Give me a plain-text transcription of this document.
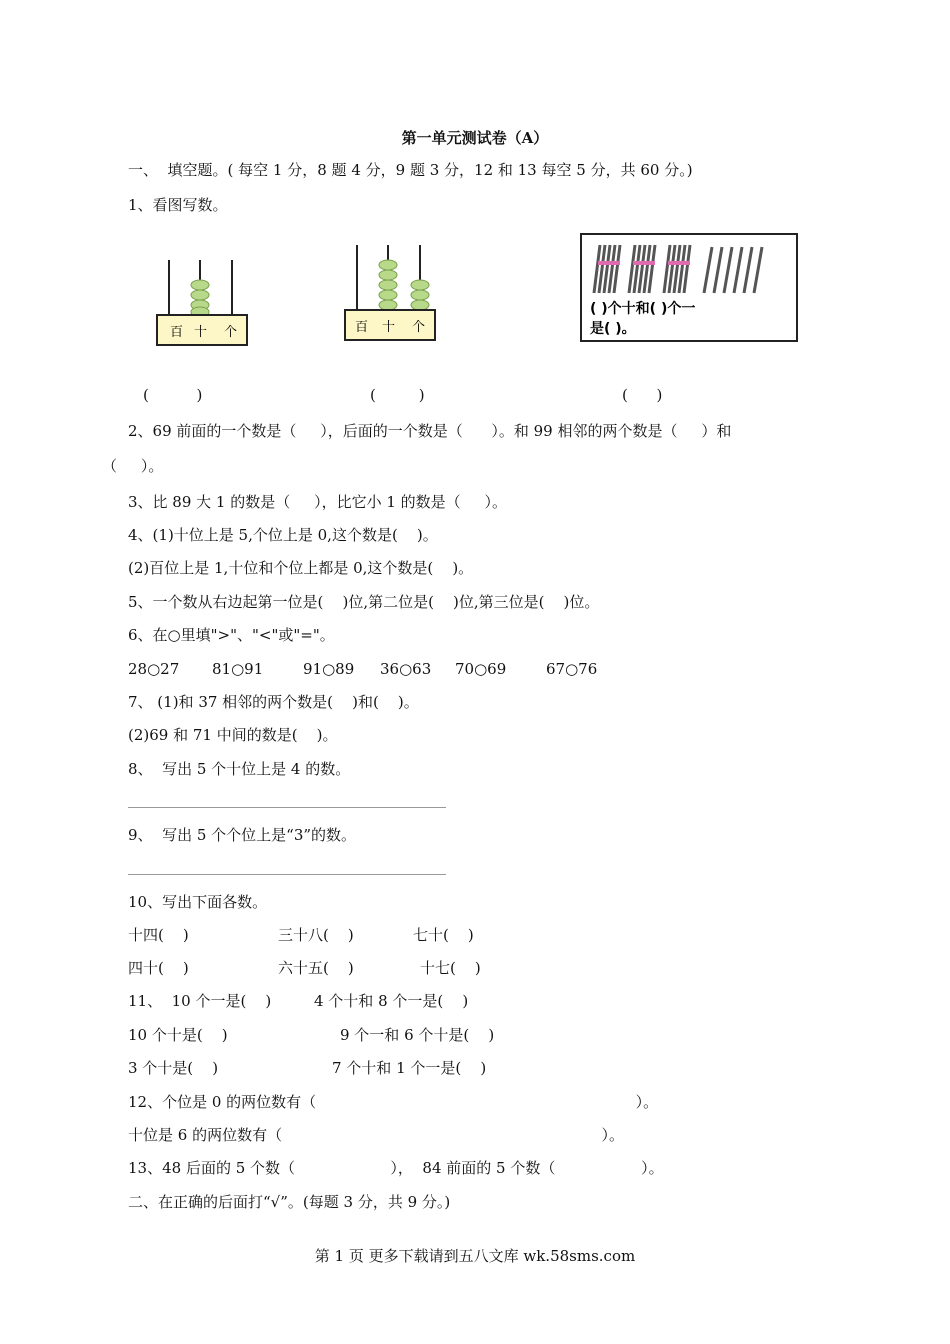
第一单元测试卷（A）
一、  填空题。( 每空 1 分，8 题 4 分，9 题 3 分，12 和 13 每空 5 分，共 60 分。)
1、看图写数。
百 十 个	百 十 个
( )个十和( )个一
是( )。
(          )	(         )	(      )
2、69 前面的一个数是（     ），后面的一个数是（      ）。和 99 相邻的两个数是（     ）和
（     ）。
3、比 89 大 1 的数是（     ），比它小 1 的数是（     ）。
4、(1)十位上是 5,个位上是 0,这个数是(    )。
(2)百位上是 1,十位和个位上都是 0,这个数是(    )。
5、一个数从右边起第一位是(    )位,第二位是(    )位,第三位是(    )位。
6、在○里填">"、"<"或"="。
28○27 81○91	91○89 36○63 70○69	67○76
7、 (1)和 37 相邻的两个数是(    )和(    )。
(2)69 和 71 中间的数是(    )。
8、  写出 5 个十位上是 4 的数。
9、  写出 5 个个位上是“3”的数。
10、写出下面各数。
十四(    )	三十八(    )	七十(    )
四十(    )	六十五(    )	十七(    )
11、  10 个一是(    )	4 个十和 8 个一是(    )
10 个十是(    )	9 个一和 6 个十是(    )
3 个十是(    )	7 个十和 1 个一是(    )
12、个位是 0 的两位数有（                                                                   ）。
十位是 6 的两位数有（                                                                   ）。
13、48 后面的 5 个数（                    ），  84 前面的 5 个数（                  ）。
二、在正确的后面打“√”。(每题 3 分，共 9 分。)
第 1 页 更多下载请到五八文库 wk.58sms.com
